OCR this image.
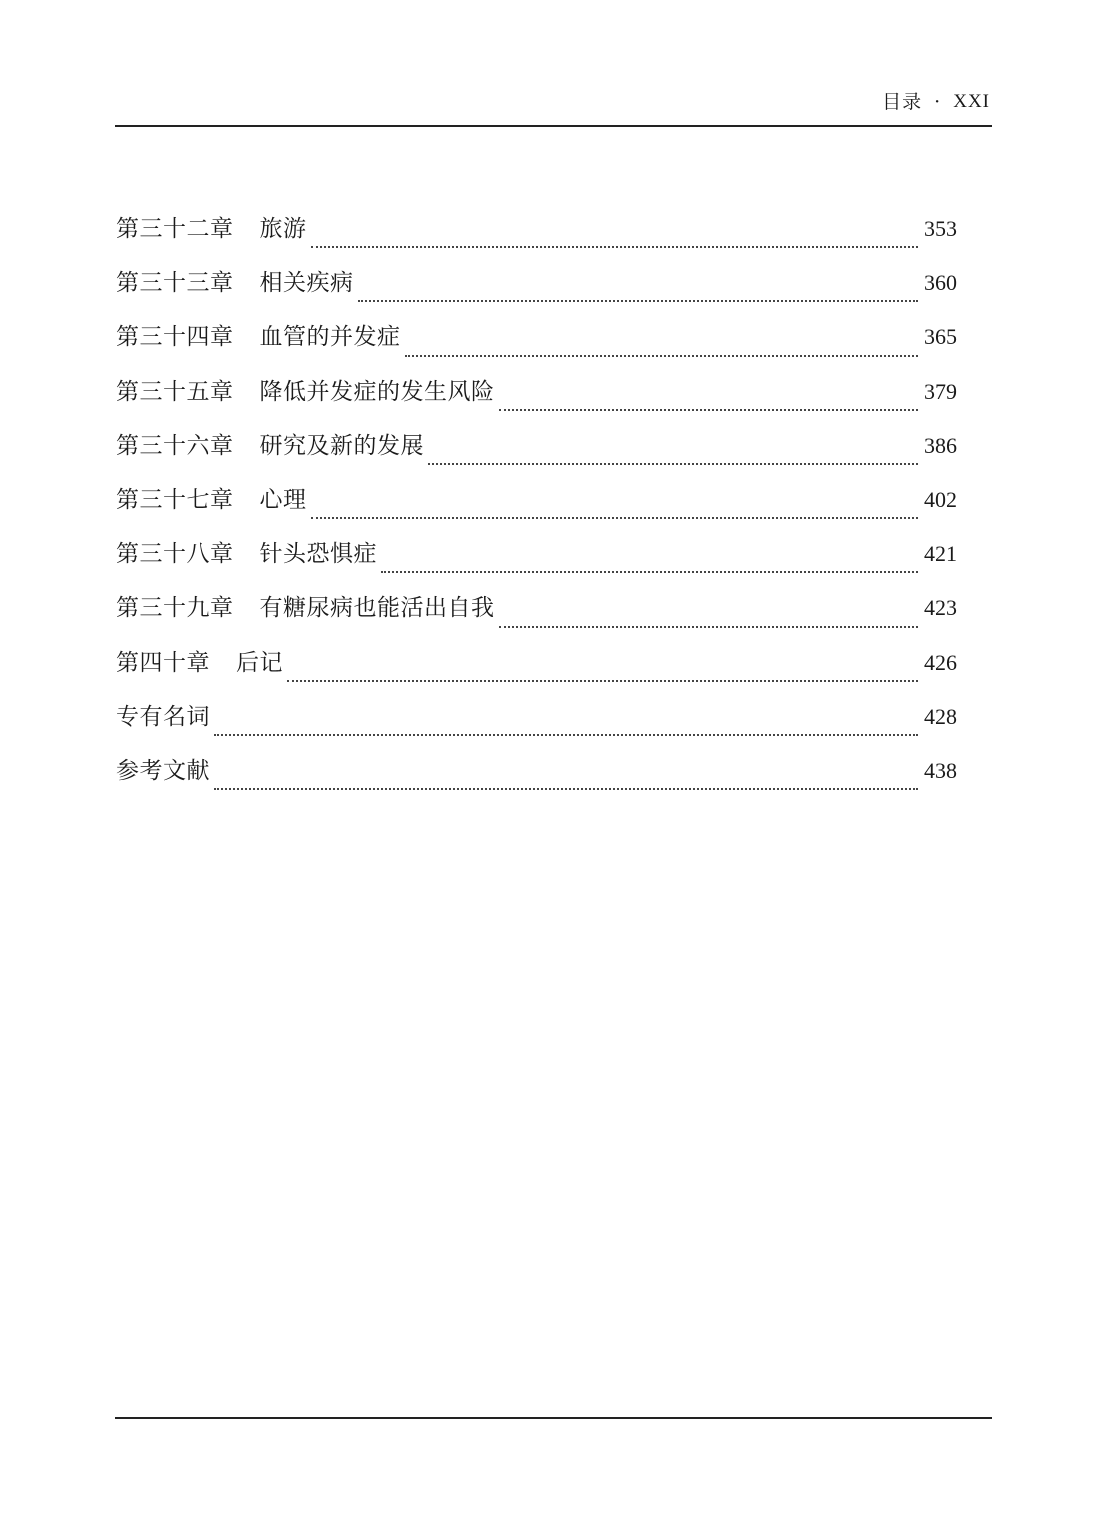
目录 · XXI
第三十二章 旅游	353
第三十三章 相关疾病	360
第三十四章 血管的并发症	365
第三十五章 降低并发症的发生风险	379
第三十六章 研究及新的发展	386
第三十七章 心理	402
第三十八章 针头恐惧症	421
第三十九章 有糖尿病也能活出自我	423
第四十章 后记	426
专有名词	428
参考文献	438
